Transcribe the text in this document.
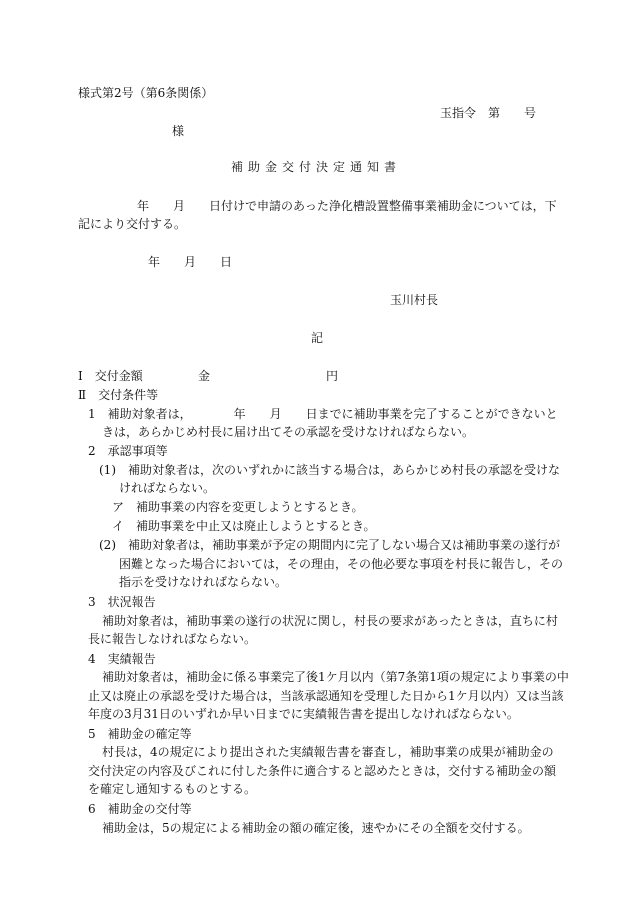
様式第2号（第6条関係）
玉指令　第　　号
様
補助金交付決定通知書
年　　月　　日付けで申請のあった浄化槽設置整備事業補助金については，下
記により交付する。
年　　月　　日
玉川村長
記
Ⅰ　交付金額	金	円
Ⅱ　交付条件等
1　補助対象者は，　　　　年　　月　　日までに補助事業を完了することができないと
きは，あらかじめ村長に届け出てその承認を受けなければならない。
2　承認事項等
(1)　補助対象者は，次のいずれかに該当する場合は，あらかじめ村長の承認を受けな
ければならない。
ア　補助事業の内容を変更しようとするとき。
イ　補助事業を中止又は廃止しようとするとき。
(2)　補助対象者は，補助事業が予定の期間内に完了しない場合又は補助事業の遂行が
困難となった場合においては，その理由，その他必要な事項を村長に報告し，その
指示を受けなければならない。
3　状況報告
補助対象者は，補助事業の遂行の状況に関し，村長の要求があったときは，直ちに村
長に報告しなければならない。
4　実績報告
補助対象者は，補助金に係る事業完了後1ケ月以内（第7条第1項の規定により事業の中
止又は廃止の承認を受けた場合は，当該承認通知を受理した日から1ケ月以内）又は当該
年度の3月31日のいずれか早い日までに実績報告書を提出しなければならない。
5　補助金の確定等
村長は，4の規定により提出された実績報告書を審査し，補助事業の成果が補助金の
交付決定の内容及びこれに付した条件に適合すると認めたときは，交付する補助金の額
を確定し通知するものとする。
6　補助金の交付等
補助金は，5の規定による補助金の額の確定後，速やかにその全額を交付する。
